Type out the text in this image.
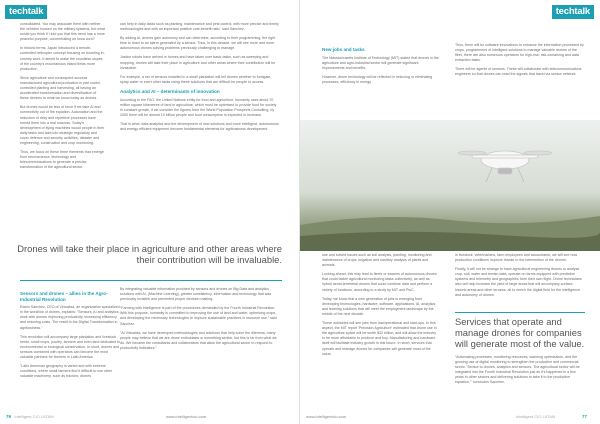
techtalk

consolidated. You may associate them with neither the vehicles housed on the military systems, but what would you think if I told you that this trend has a more peaceful purpose, concentrating on Iowa corn?

In historic terms, Japan introduced a remote-controlled helicopter concept focusing on boosting in-country work. It aimed to make the countless slopes of the country's mountainous inland fields more productive.

Since agriculture and consequent success manufactured agricultural production is part contol, controlled planting and harvesting, all having an accelerated transformation and diversification of these devices to what we know today as drones.

But drones would be less of force if we take AI and connectivity out of the equation. Automation and the reduction of risky and repetitive processes have turned them into a real success. Today's development of flying machines would people in their daily tasks and take into strategic regulatory and cover defence and security activities, disaster and engineering, construction and crop monitoring.

Thus, we focus on these three elements that emerge from neuroscience, technology and telecommunications to generate a precise transformation of the agricultural sector.

can help in daily tasks such as planting, maintenance and pest control, with more precise and timely methodologies and with an important positive cost-benefit ratio,' said Sanchez.

By adding AI, drones gain autonomy and can determine, according to their programming, the right time to react to an alarm generated by a sensor. Thus, in this decade, we will see more and more autonomous drones solving problems previously challenging to manage.

Justice robots have arrived in homes and have taken over basic tasks, such as sweeping and mopping, drones will take their place in agriculture and other areas where their contribution will be invaluable.

For example, a set of sensors installed in a small plantation will tell drones whether to fumigate, spray water or exert other tasks using these solutions that are difficult for people to access.

Analytics and AI – determinants of innovation

According to the FAO, the United Nations entity for food and agriculture, humanity uses about 70 million square kilometres of land in agriculture, which must be optimised to provide food for society in constant growth, if we consider the figures from the World Population Prospects Consulting, by 2050 there will be almost 10 billion people and food consumption is expected to increase.

That is when data analytics and the development of new solutions and more intelligent, autonomous and energy-efficient equipment become fundamental elements for agribusiness development.

Drones will take their place in agriculture and other areas where their contribution will be invaluable.
Sensors and drones – allies in the Agro-Industrial Revolution

Edwin Sanchez, CEO of Virtualiza, an organization specialized in the workflow of drones, explains: "Sensors, AI and analytics, work with drones improving productivity, increasing efficiency and reducing costs. The result is the Digital Transformation in agribusiness."

This revolution will accompany large plantation and livestock herds, small crops, poultry, farmers and even land dedicated to environmental or ecological conservation. In short, drones and sensors combined with operators can become the most valuable partners for farmers in Latin America.

"Latin American geography is varied and with extreme conditions, where small farmers find it difficult to use other valuable machinery, such as tractors; drones

By integrating valuable information provided by sensors and drones on Big Data and analytics solutions with AI, (Machine Learning), greater consistency, information and technology that was previously invisible and prevented proper decision making.

"Farming with intelligence is part of the procedures demanded by the Fourth Industrial Revolution. With this purpose, humanity is committed to improving the use of land and water, optimizing crops, and developing the necessary technologies to improve sustainable practices in resource use," said Sanchez.

"At Virtualiza, we have developed methodologies and solutions that help solve the dilemma, many people may believe that we are drone enthusiasts or something similar, but this is far from what we do. We became the consultants and collaborators that allow the agricultural sector to respond to productivity indicators."

76 Intelligent CIO LATAM	www.intelligentcio.com
New jobs and tasks

The Massachusetts Institute of Technology (MIT) stated that drones in the agriculture and agro-industrial sector will generate significant improvements and benefits.

However, drone technology will be reflected in reducing or eliminating processes, efficiency in energy

Thus, there will be software innovations to enhance the information processed by crops, programmers of intelligent solutions to manage valuable drones of the fleet, there are also numerous operators for high-risk, risk-containing and data extraction tasks.

There will be agents of sensors. These will collaborate with telecommunications engineers so that drones can read the signals that travel via sensor network.

techtalk

use and solved issues such as soil analysis, planting, monitoring and maintenance of crops, irrigation and sanitary analysis of plants and animals.

Looking ahead, this may lead to fleets or swarms of autonomous drones that could tackle agricultural monitoring tasks collectively, as well as hybrid aerial-terrestrial drones that could combine data and perform a variety of functions, according to a study by MIT and PwC.

Today, we know that a new generation of jobs is emerging from developing technologies, hardware, software, applications, AI, analytics and learning solutions that will meet the employment landscape by the middle of the next decade.

These industries will see jobs from low/operational and start-ups. In this aspect, the MIT report 'Precision Agriculture' estimated that drone use in the agriculture space will be worth $32 billion, and will allow the industry to be more affordable to produce and buy. Manufacturing and hardware itself will facilitate industry growth in this future. In short, services that operate and manage drones for companies will generate most of the value.

in livestock, veterinarians, farm employees and accountants; we will see how production conditions improve thanks to the intervention of the drones.

Finally, it will not be strange to have agricultural engineering drones to analyse crop, soil, water and terrain data, operate on farms equipped with predictive systems and telemetry and geographies from their own flight. Drone technicians also will help increase the yield of large areas that will accompany surface, historic areas and other terrains, all to enrich the digital field for the intelligence and autonomy of drones.

Services that operate and manage drones for companies will generate most of the value.

"Automating processes, monitoring resources, warming optimization, and the growing use of digital monitoring to strengthen the productive and commercial sector. 'Sensor to drones, analytics and sensors. The agricultural sector will be integrated into the Fourth Industrial Revolution just as it's happened in a few years in other sectors and delivering solutions to take it to the productive equation,'" concludes Sanchez.

www.intelligentcio.com	Intelligent CIO LATAM	77
